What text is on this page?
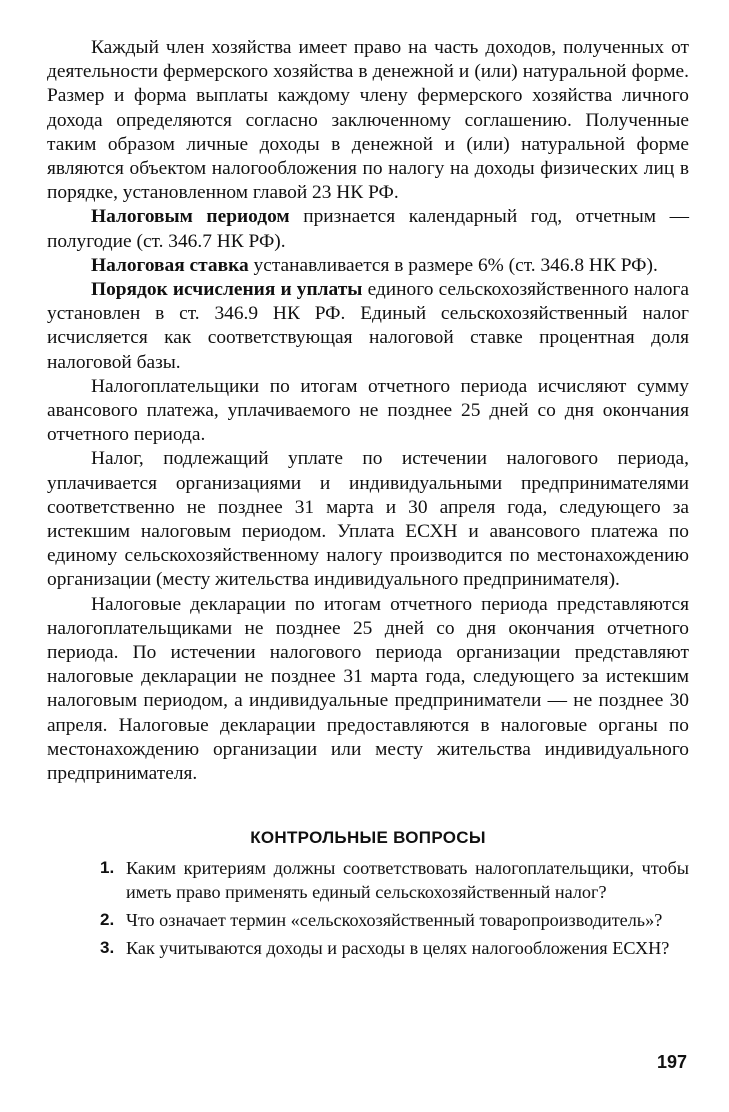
Каждый член хозяйства имеет право на часть доходов, полученных от деятельности фермерского хозяйства в денежной и (или) натуральной форме. Размер и форма выплаты каждому члену фермерского хозяйства личного дохода определяются согласно заключенному соглашению. Полученные таким образом личные доходы в денежной и (или) натуральной форме являются объектом налогообложения по налогу на доходы физических лиц в порядке, установленном главой 23 НК РФ.

Налоговым периодом признается календарный год, отчетным — полугодие (ст. 346.7 НК РФ).

Налоговая ставка устанавливается в размере 6% (ст. 346.8 НК РФ).

Порядок исчисления и уплаты единого сельскохозяйственного налога установлен в ст. 346.9 НК РФ. Единый сельскохозяйственный налог исчисляется как соответствующая налоговой ставке процентная доля налоговой базы.

Налогоплательщики по итогам отчетного периода исчисляют сумму авансового платежа, уплачиваемого не позднее 25 дней со дня окончания отчетного периода.

Налог, подлежащий уплате по истечении налогового периода, уплачивается организациями и индивидуальными предпринимателями соответственно не позднее 31 марта и 30 апреля года, следующего за истекшим налоговым периодом. Уплата ЕСХН и авансового платежа по единому сельскохозяйственному налогу производится по местонахождению организации (месту жительства индивидуального предпринимателя).

Налоговые декларации по итогам отчетного периода представляются налогоплательщиками не позднее 25 дней со дня окончания отчетного периода. По истечении налогового периода организации представляют налоговые декларации не позднее 31 марта года, следующего за истекшим налоговым периодом, а индивидуальные предприниматели — не позднее 30 апреля. Налоговые декларации предоставляются в налоговые органы по местонахождению организации или месту жительства индивидуального предпринимателя.

КОНТРОЛЬНЫЕ ВОПРОСЫ
1. Каким критериям должны соответствовать налогоплательщики, чтобы иметь право применять единый сельскохозяйственный налог?
2. Что означает термин «сельскохозяйственный товаропроизводитель»?
3. Как учитываются доходы и расходы в целях налогообложения ЕСХН?
197
